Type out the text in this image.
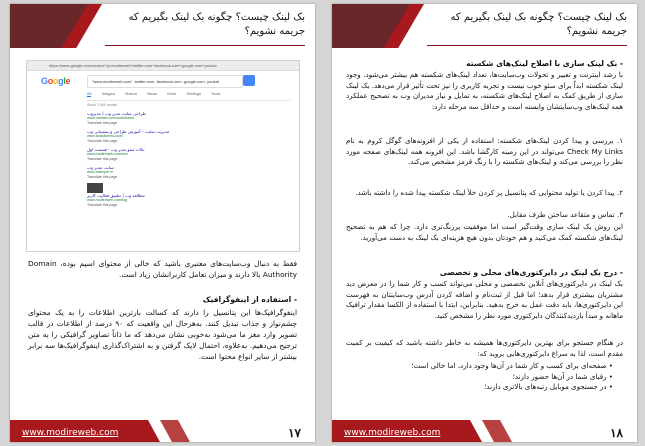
بک لینک چیست؟ چگونه بک لینک بگیریم که جریمه نشویم؟
https://www.google.com/search?q=modireweb+twitter.com+facebook.com+google.com+youtub
Google	"www.modireweb.com" -twitter.com -facebook.com -google.com -youtub
All	Images	Videos	News	More	Settings	Tools
About 1,460 results
طراحی سایت مدیر وب | مدیروب
www.ramatic.com/modireweb
Translate this page
مدیریت سایت - آموزش طراحی و پشتیبانی وب
www.shabakema.com/
Translate this page
نکات سئو مدیر وب - قسمت اول
www.modireweb.com/seo
Translate this page
سایت مدیر وب
www.example.ir/
Translate this page
مطالعه وب | تطبیق فعالیت کاربر
www.modireweb.com/tag
Translate this page
فقط به دنبال وب‌سایت‌های معتبری باشید که خالی از محتوای اسپم بوده، Domain Authority بالا دارند و میزان تعامل کاربرانشان زیاد است.
- استفاده از اینفوگرافیک
اینفوگرافیک‌ها این پتانسیل را دارند که کسالت بارترین اطلاعات را به یک محتوای چشم‌نواز و جذاب تبدیل کنند. به‌هرحال این واقعیت که ۹۰ درصد از اطلاعات در قالب تصویر وارد مغز ما می‌شود به‌خوبی نشان می‌دهد که ما ذاتاً تصاویر گرافیکی را به متن ترجیح می‌دهیم. به‌علاوه، احتمال لایک گرفتن و به اشتراک‌گذاری اینفوگرافیک‌ها سه برابر بیشتر از سایر انواع محتوا است.
www.modireweb.com	۱۷
بک لینک چیست؟ چگونه بک لینک بگیریم که جریمه نشویم؟
- بک لینک سازی با اصلاح لینک‌های شکسته
با رشد اینترنت و تغییر و تحولات وب‌سایت‌ها، تعداد لینک‌های شکسته هم بیشتر می‌شود. وجود لینک شکسته ابداً برای سئو خوب نیست و تجربه کاربری را نیز تحت تأثیر قرار می‌دهد. بک لینک سازی از طریق کمک به اصلاح لینک‌های شکسته، به تمایل و نیاز مدیران وب به تصحیح عملکرد همه لینک‌های وب‌سایتشان وابسته است و حداقل سه مرحله دارد:
۱. بررسی و پیدا کردن لینک‌های شکسته: استفاده از یکی از افزونه‌های گوگل کروم به نام Check My Links می‌تواند در این زمینه کارگشا باشد. این افزونه همه لینک‌های صفحه مورد نظر را بررسی می‌کند و لینک‌های شکسته را با رنگ قرمز مشخص می‌کند.
۲. پیدا کردن یا تولید محتوایی که پتانسیل پر کردن خلأ لینک شکسته پیدا شده را داشته باشد.
۳. تماس و متقاعد ساختن طرف مقابل.
این روش بک لینک سازی وقت‌گیر است اما موفقیت پررنگ‌تری دارد. چرا که هم به تصحیح لینک‌های شکسته کمک می‌کنید و هم خودتان بدون هیچ هزینه‌ای بک لینک به دست می‌آورید.
- درج بک لینک در دایرکتوری‌های محلی و تخصصی
بک لینک در دایرکتوری‌های آنلاین تخصصی و محلی می‌تواند کسب و کار شما را در معرض دید مشتریان بیشتری قرار بدهد؛ اما قبل از ثبت‌نام و اضافه کردن آدرس وب‌سایتتان به فهرست این دایرکتوری‌ها، باید دقت عمل به خرج بدهید. بنابراین، ابتدا با استفاده از الکسا مقدار ترافیک ماهانه و مبدأ بازدیدکنندگان دایرکتوری مورد نظر را مشخص کنید.
در هنگام جستجو برای بهترین دایرکتوری‌ها همیشه به خاطر داشته باشید که کیفیت بر کمیت مقدم است، لذا به سراغ دایرکتوری‌هایی بروید که:
• صفحه‌ای برای کسب و کار شما در آن‌ها وجود دارد، اما خالی است؛
• رقبای شما در آن‌ها حضور دارند؛
• در جستجوی موبایل رتبه‌های بالاتری دارند؛
www.modireweb.com	۱۸
